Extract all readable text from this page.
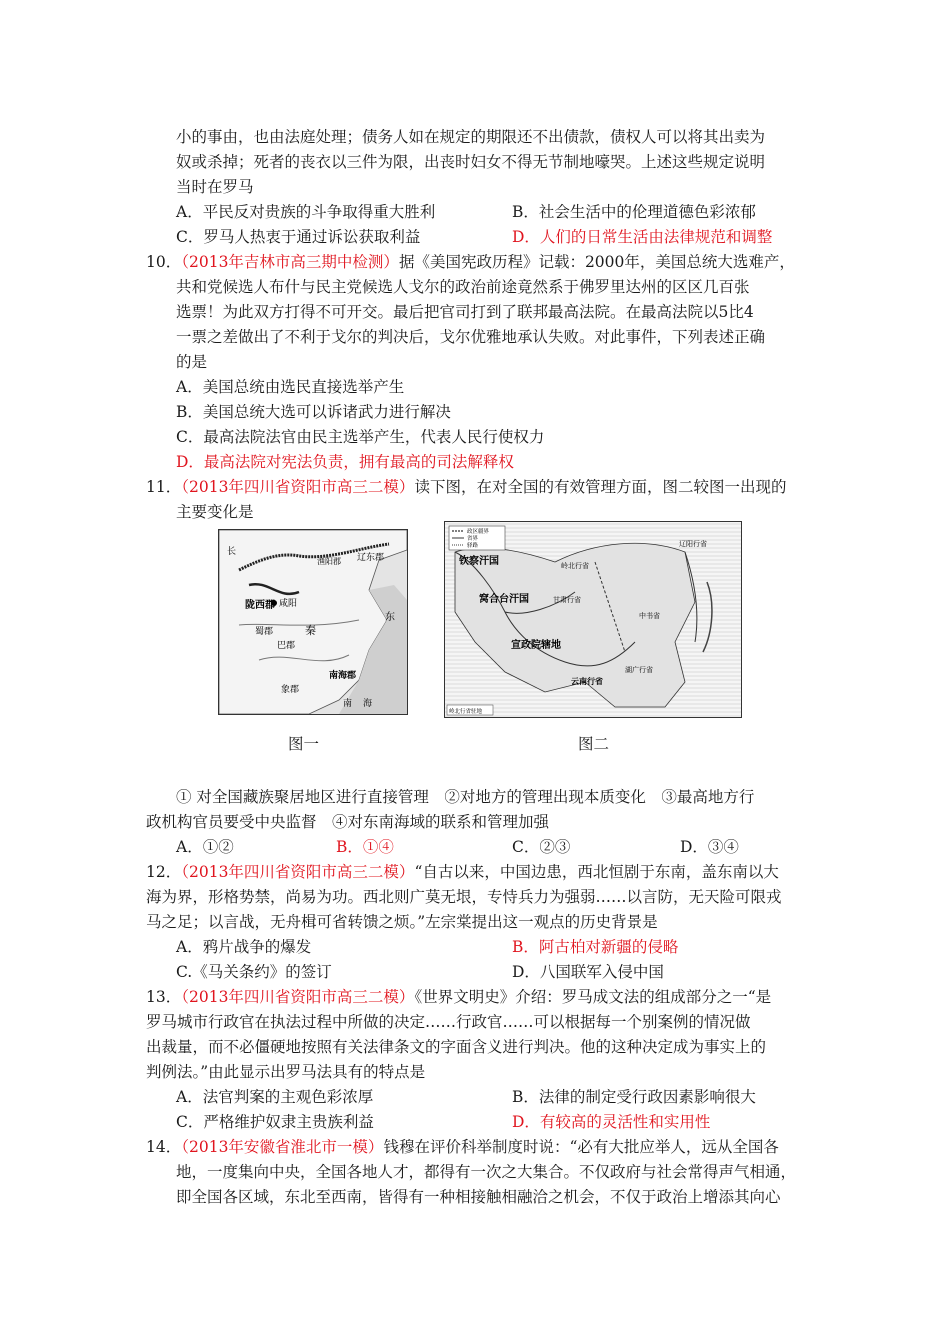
小的事由，也由法庭处理；债务人如在规定的期限还不出债款，债权人可以将其出卖为
奴或杀掉；死者的丧衣以三件为限，出丧时妇女不得无节制地嚎哭。上述这些规定说明
当时在罗马
A．平民反对贵族的斗争取得重大胜利	B．社会生活中的伦理道德色彩浓郁
C．罗马人热衷于通过诉讼获取利益	D．人们的日常生活由法律规范和调整
10．（2013年吉林市高三期中检测）据《美国宪政历程》记载：2000年，美国总统大选难产，
共和党候选人布什与民主党候选人戈尔的政治前途竟然系于佛罗里达州的区区几百张
选票！为此双方打得不可开交。最后把官司打到了联邦最高法院。在最高法院以5比4
一票之差做出了不利于戈尔的判决后，戈尔优雅地承认失败。对此事件，下列表述正确
的是
A．美国总统由选民直接选举产生
B．美国总统大选可以诉诸武力进行解决
C．最高法院法官由民主选举产生，代表人民行使权力
D．最高法院对宪法负责，拥有最高的司法解释权
11．（2013年四川省资阳市高三二模）读下图，在对全国的有效管理方面，图二较图一出现的
主要变化是
长
辽东郡
渔阳郡
陇西郡 咸阳
蜀郡
巴郡
秦
南海郡
象郡
东
南 海
图一
政区疆界
省界
驿路
钦察汗国
窝合台汗国
宣政院辖地
岭北行省
辽阳行省
中书省
甘肃行省
云南行省
湖广行省
岭北行省驻地
图二
① 对全国藏族聚居地区进行直接管理　②对地方的管理出现本质变化　③最高地方行
政机构官员要受中央监督　④对东南海域的联系和管理加强
A．①②	B．①④	C．②③	D．③④
12．（2013年四川省资阳市高三二模）“自古以来，中国边患，西北恒剧于东南，盖东南以大
海为界，形格势禁，尚易为功。西北则广莫无垠，专恃兵力为强弱……以言防，无天险可限戎
马之足；以言战，无舟楫可省转馈之烦。”左宗棠提出这一观点的历史背景是
A．鸦片战争的爆发	B．阿古柏对新疆的侵略
C.《马关条约》的签订	D．八国联军入侵中国
13．（2013年四川省资阳市高三二模）《世界文明史》介绍：罗马成文法的组成部分之一“是
罗马城市行政官在执法过程中所做的决定……行政官……可以根据每一个别案例的情况做
出裁量，而不必僵硬地按照有关法律条文的字面含义进行判决。他的这种决定成为事实上的
判例法。”由此显示出罗马法具有的特点是
A．法官判案的主观色彩浓厚	B．法律的制定受行政因素影响很大
C．严格维护奴隶主贵族利益	D．有较高的灵活性和实用性
14．（2013年安徽省淮北市一模）钱穆在评价科举制度时说：“必有大批应举人，远从全国各
地，一度集向中央，全国各地人才，都得有一次之大集合。不仅政府与社会常得声气相通，
即全国各区域，东北至西南，皆得有一种相接触相融洽之机会，不仅于政治上增添其向心
